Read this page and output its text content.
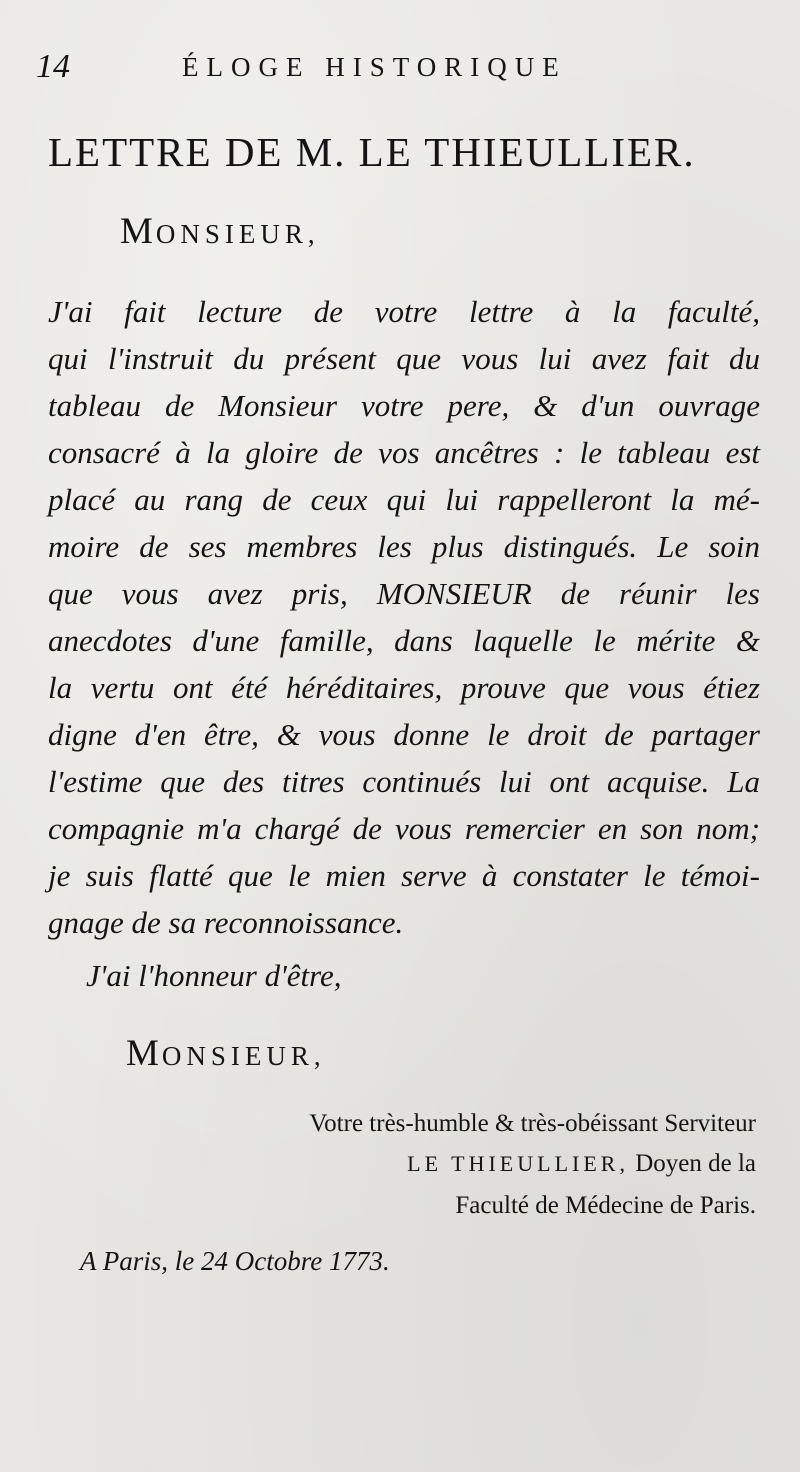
14	ÉLOGE HISTORIQUE
LETTRE DE M. LE THIEULLIER.
MONSIEUR,
J'ai fait lecture de votre lettre à la faculté,
qui l'instruit du présent que vous lui avez fait du
tableau de Monsieur votre pere, & d'un ouvrage
consacré à la gloire de vos ancêtres : le tableau est
placé au rang de ceux qui lui rappelleront la mé-
moire de ses membres les plus distingués. Le soin
que vous avez pris, MONSIEUR de réunir les
anecdotes d'une famille, dans laquelle le mérite &
la vertu ont été héréditaires, prouve que vous étiez
digne d'en être, & vous donne le droit de partager
l'estime que des titres continués lui ont acquise. La
compagnie m'a chargé de vous remercier en son nom;
je suis flatté que le mien serve à constater le témoi-
gnage de sa reconnoissance.
J'ai l'honneur d'être,
MONSIEUR,
Votre très-humble & très-obéissant Serviteur
LE THIEULLIER, Doyen de la
Faculté de Médecine de Paris.
A Paris, le 24 Octobre 1773.
